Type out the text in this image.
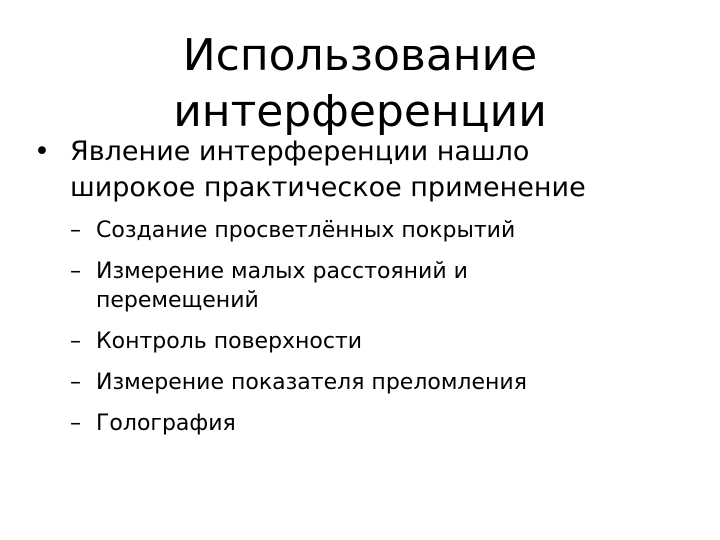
Использование
интерференции
• Явление интерференции нашло
широкое практическое применение
– Создание просветлённых покрытий
– Измерение малых расстояний и
перемещений
– Контроль поверхности
– Измерение показателя преломления
– Голография
